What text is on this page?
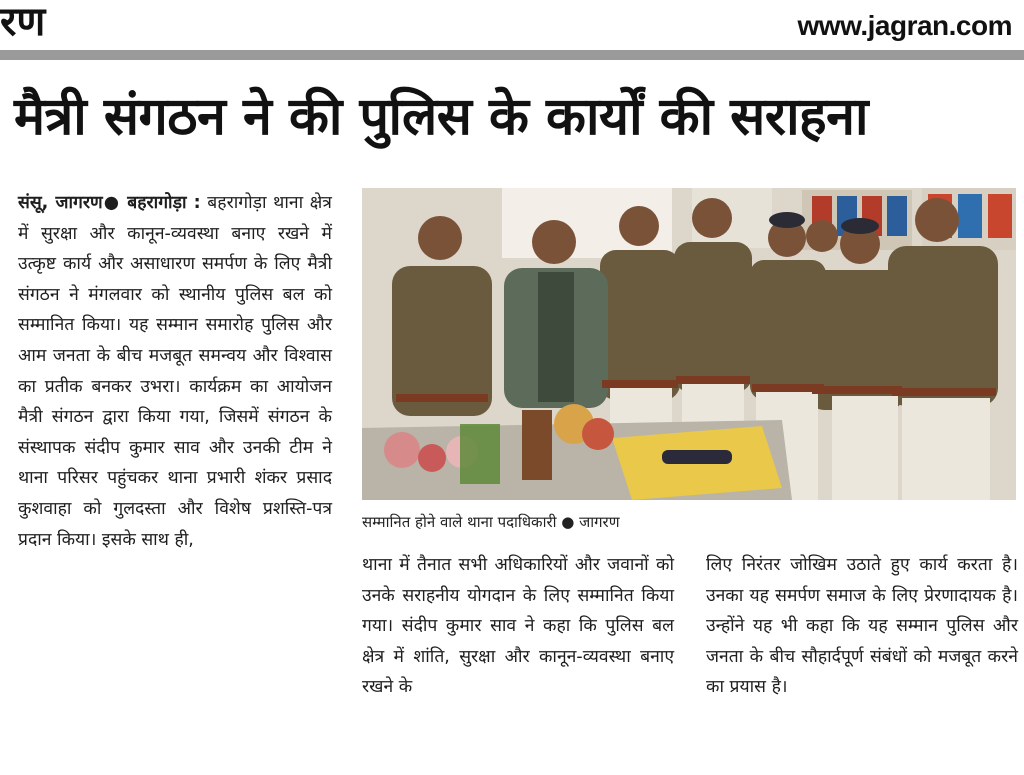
रण	www.jagran.com
मैत्री संगठन ने की पुलिस के कार्यों की सराहना
संसू, जागरण● बहरागोड़ा : बहरागोड़ा थाना क्षेत्र में सुरक्षा और कानून-व्यवस्था बनाए रखने में उत्कृष्ट कार्य और असाधारण समर्पण के लिए मैत्री संगठन ने मंगलवार को स्थानीय पुलिस बल को सम्मानित किया। यह सम्मान समारोह पुलिस और आम जनता के बीच मजबूत समन्वय और विश्वास का प्रतीक बनकर उभरा। कार्यक्रम का आयोजन मैत्री संगठन द्वारा किया गया, जिसमें संगठन के संस्थापक संदीप कुमार साव और उनकी टीम ने थाना परिसर पहुंचकर थाना प्रभारी शंकर प्रसाद कुशवाहा को गुलदस्ता और विशेष प्रशस्ति-पत्र प्रदान किया। इसके साथ ही,
सम्मानित होने वाले थाना पदाधिकारी ● जागरण
थाना में तैनात सभी अधिकारियों और जवानों को उनके सराहनीय योगदान के लिए सम्मानित किया गया। संदीप कुमार साव ने कहा कि पुलिस बल क्षेत्र में शांति, सुरक्षा और कानून-व्यवस्था बनाए रखने के
लिए निरंतर जोखिम उठाते हुए कार्य करता है। उनका यह समर्पण समाज के लिए प्रेरणादायक है। उन्होंने यह भी कहा कि यह सम्मान पुलिस और जनता के बीच सौहार्दपूर्ण संबंधों को मजबूत करने का प्रयास है।
